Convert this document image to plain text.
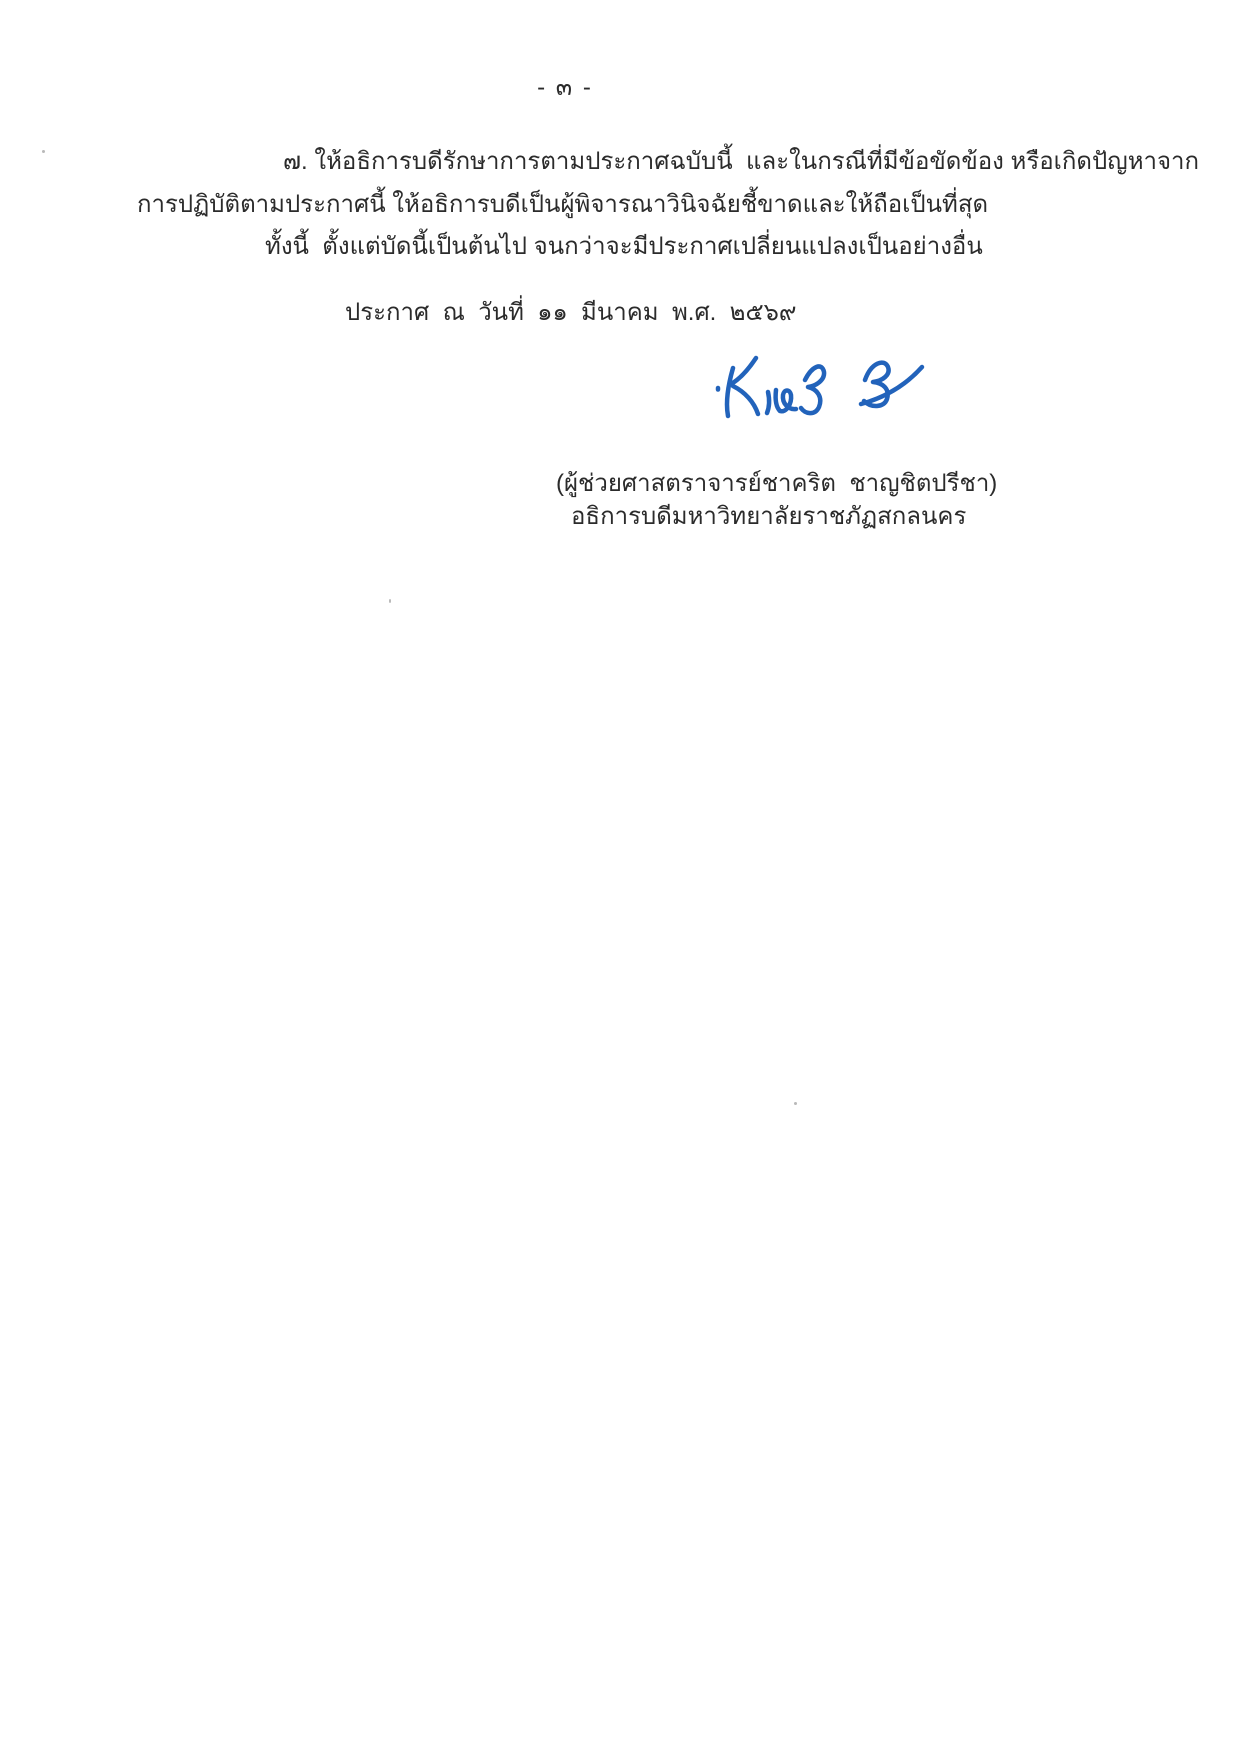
- ๓ -
๗. ให้อธิการบดีรักษาการตามประกาศฉบับนี้  และในกรณีที่มีข้อขัดข้อง หรือเกิดปัญหาจาก
การปฏิบัติตามประกาศนี้ ให้อธิการบดีเป็นผู้พิจารณาวินิจฉัยชี้ขาดและให้ถือเป็นที่สุด
ทั้งนี้  ตั้งแต่บัดนี้เป็นต้นไป จนกว่าจะมีประกาศเปลี่ยนแปลงเป็นอย่างอื่น
ประกาศ  ณ  วันที่  ๑๑  มีนาคม  พ.ศ.  ๒๕๖๙
(ผู้ช่วยศาสตราจารย์ชาคริต  ชาญชิตปรีชา)
อธิการบดีมหาวิทยาลัยราชภัฏสกลนคร
